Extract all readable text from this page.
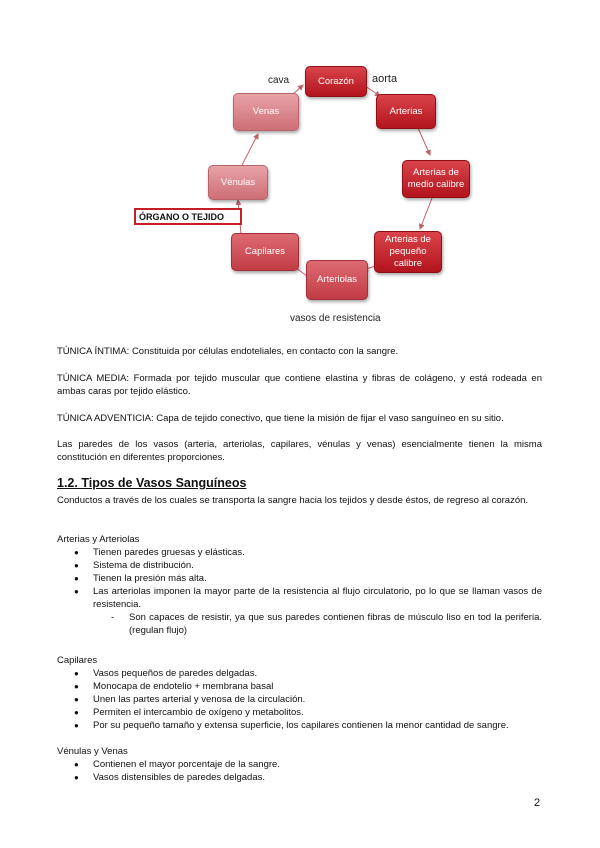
Corazón
Arterias
Arterias de medio calibre
Arterias de pequeño calibre
Arteriolas
Capilares
Vénulas
Venas
cava	aorta
ÓRGANO O TEJIDO
vasos de resistencia
TÚNICA ÍNTIMA: Constituida por células endoteliales, en contacto con la sangre.
TÚNICA MEDIA: Formada por tejido muscular que contiene elastina y fibras de colágeno, y está rodeada en ambas caras por tejido elástico.
TÚNICA ADVENTICIA: Capa de tejido conectivo, que tiene la misión de fijar el vaso sanguíneo en su sitio.
Las paredes de los vasos (arteria, arteriolas, capilares, vénulas y venas) esencialmente tienen la misma constitución en diferentes proporciones.
1.2. Tipos de Vasos Sanguíneos
Conductos a través de los cuales se transporta la sangre hacia los tejidos y desde éstos, de regreso al corazón.
Arterias y Arteriolas
● Tienen paredes gruesas y elásticas.
● Sistema de distribución.
● Tienen la presión más alta.
● Las arteriolas imponen la mayor parte de la resistencia al flujo circulatorio, po lo que se llaman vasos de resistencia.
- Son capaces de resistir, ya que sus paredes contienen fibras de músculo liso en tod la periferia. (regulan flujo)
Capilares
● Vasos pequeños de paredes delgadas.
● Monocapa de endotelio + membrana basal
● Unen las partes arterial y venosa de la circulación.
● Permiten el intercambio de oxígeno y metabolitos.
● Por su pequeño tamaño y extensa superficie, los capilares contienen la menor cantidad de sangre.
Vénulas y Venas
● Contienen el mayor porcentaje de la sangre.
● Vasos distensibles de paredes delgadas.
2
